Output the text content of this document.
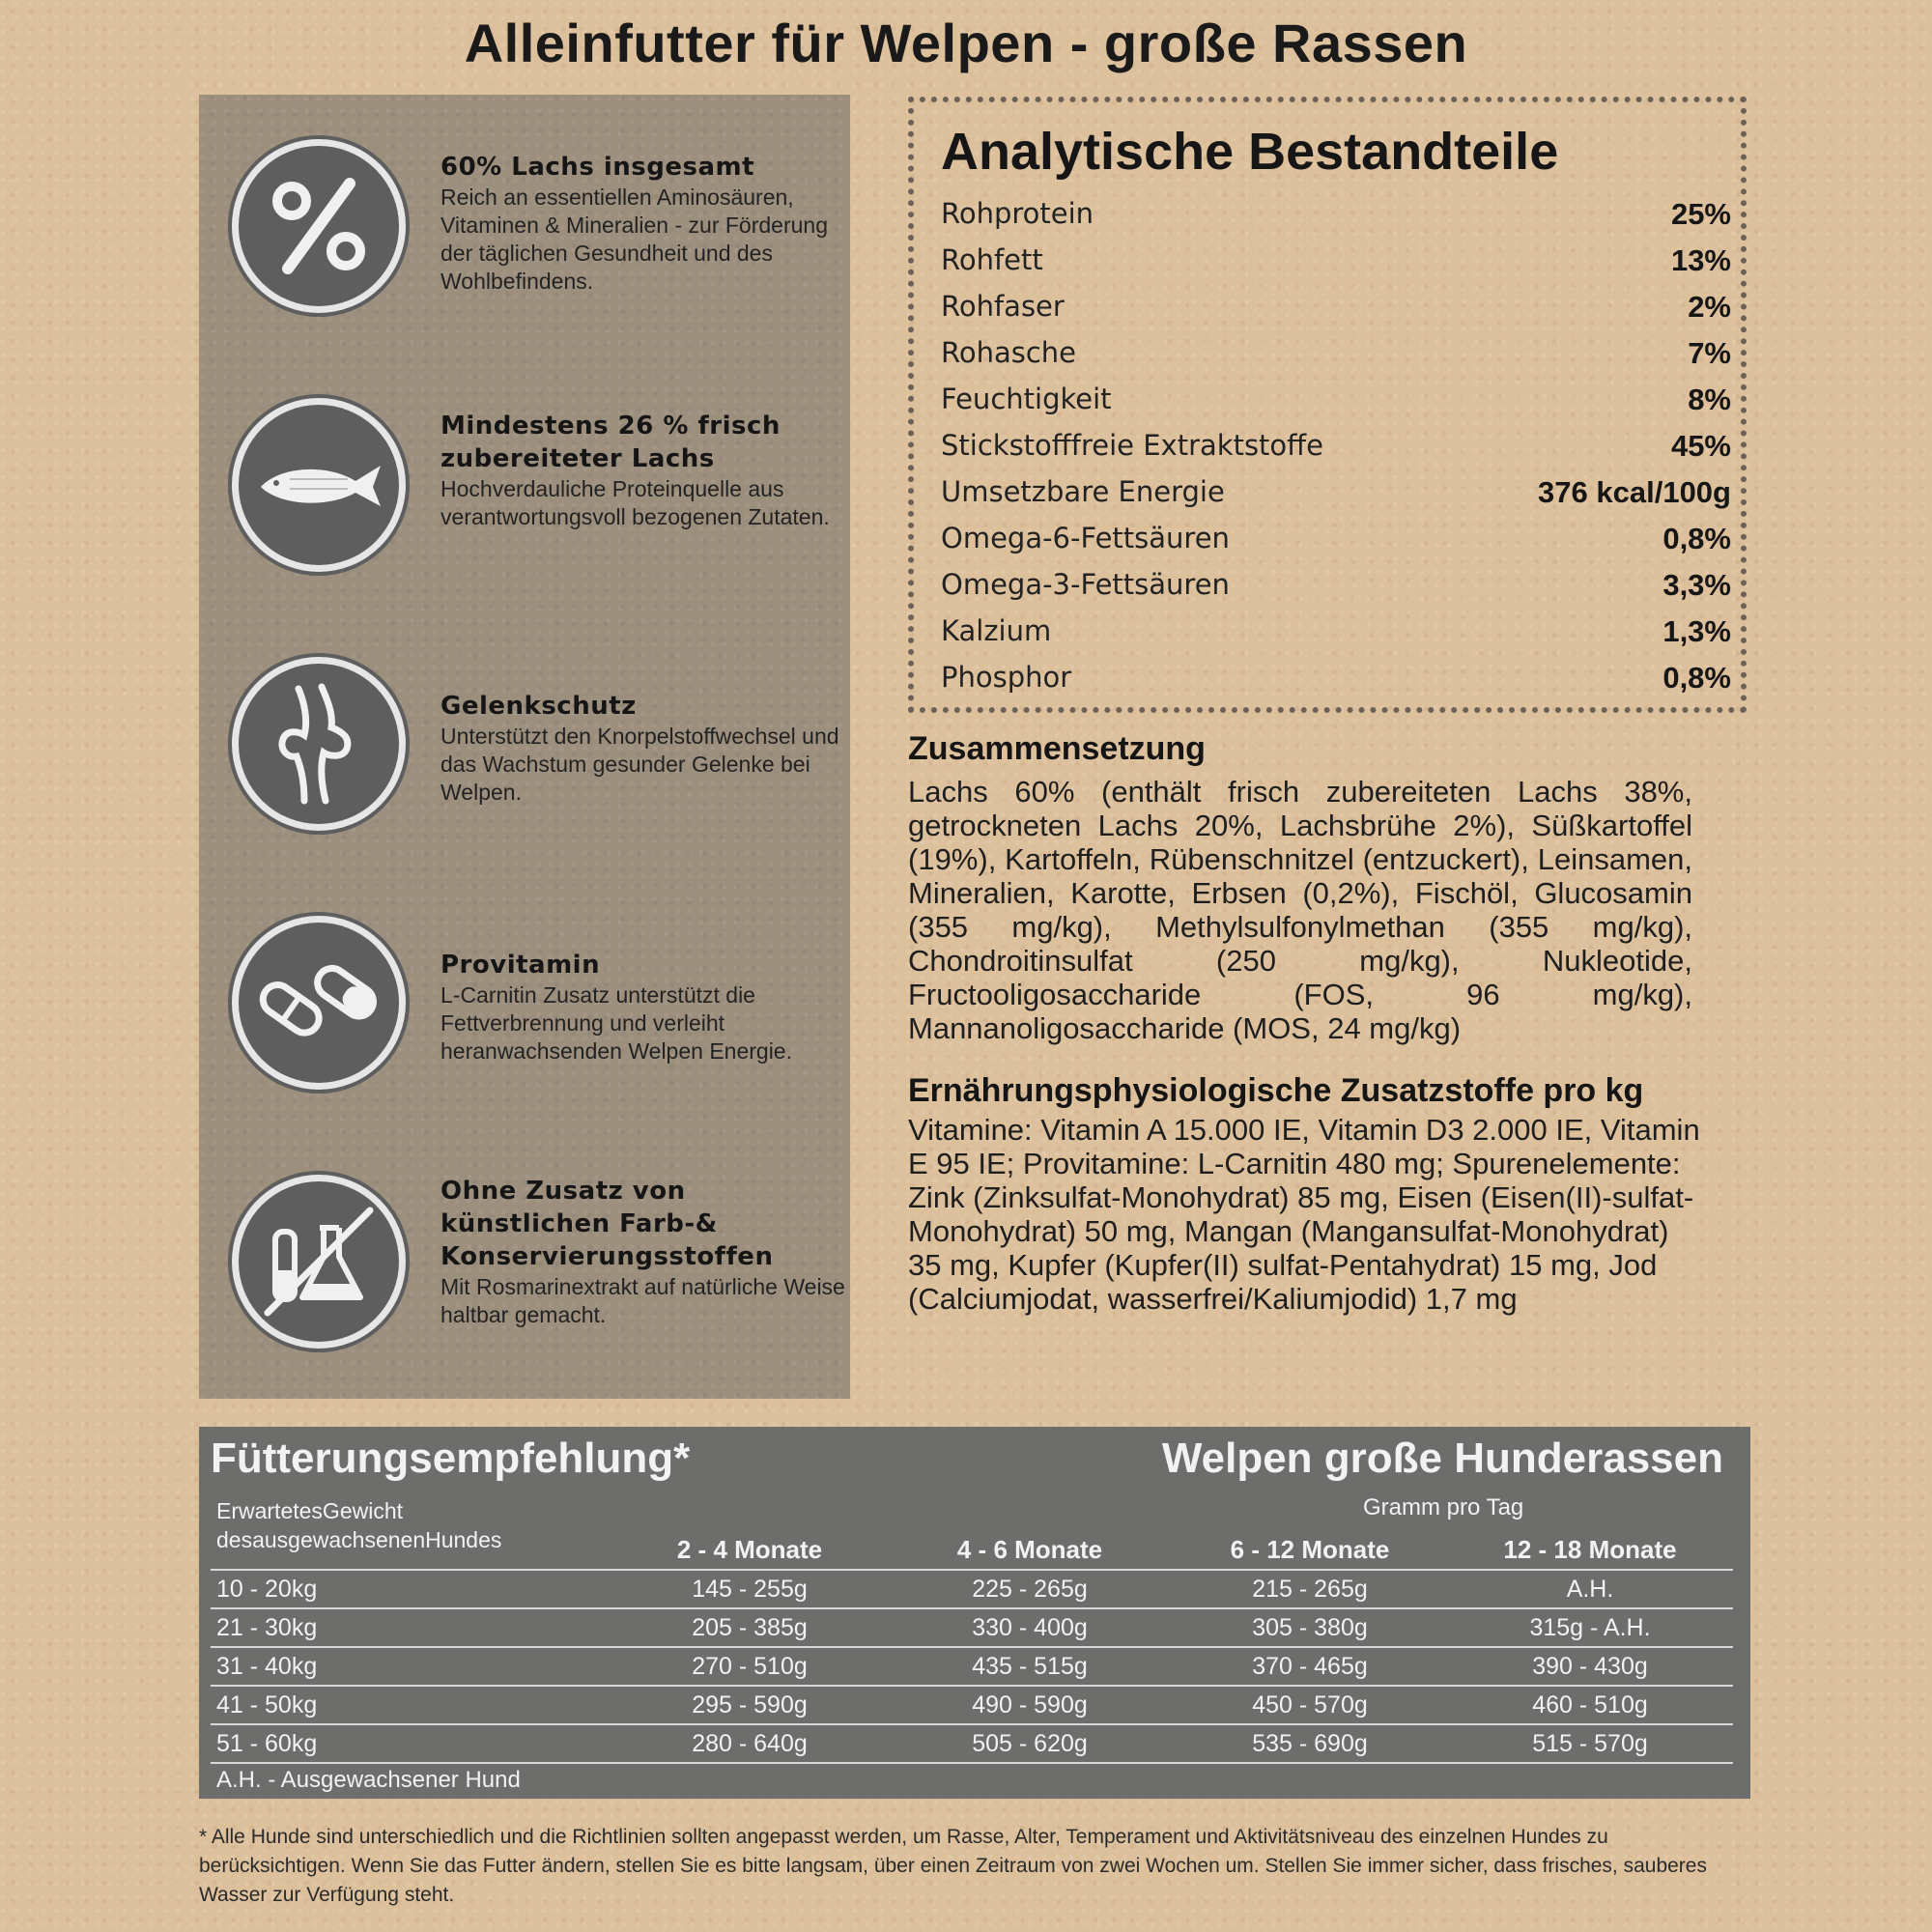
Alleinfutter für Welpen - große Rassen
60% Lachs insgesamt
Reich an essentiellen Aminosäuren, Vitaminen & Mineralien - zur Förderung der täglichen Gesundheit und des Wohlbefindens.
Mindestens 26 % frisch zubereiteter Lachs
Hochverdauliche Proteinquelle aus verantwortungsvoll bezogenen Zutaten.
Gelenkschutz
Unterstützt den Knorpelstoffwechsel und das Wachstum gesunder Gelenke bei Welpen.
Provitamin
L-Carnitin Zusatz unterstützt die Fettverbrennung und verleiht heranwachsenden Welpen Energie.
Ohne Zusatz von künstlichen Farb-& Konservierungsstoffen
Mit Rosmarinextrakt auf natürliche Weise haltbar gemacht.
Analytische Bestandteile
Rohprotein	25%
Rohfett	13%
Rohfaser	2%
Rohasche	7%
Feuchtigkeit	8%
Stickstofffreie Extraktstoffe	45%
Umsetzbare Energie	376 kcal/100g
Omega-6-Fettsäuren	0,8%
Omega-3-Fettsäuren	3,3%
Kalzium	1,3%
Phosphor	0,8%
Zusammensetzung
Lachs 60% (enthält frisch zubereiteten Lachs 38%, getrockneten Lachs 20%, Lachsbrühe 2%), Süßkartoffel (19%), Kartoffeln, Rübenschnitzel (entzuckert), Leinsamen, Mineralien, Karotte, Erbsen (0,2%), Fischöl, Glucosamin (355 mg/kg), Methylsulfonylmethan (355 mg/kg), Chondroitinsulfat (250 mg/kg), Nukleotide, Fructooligosaccharide (FOS, 96 mg/kg), Mannanoligosaccharide (MOS, 24 mg/kg)
Ernährungsphysiologische Zusatzstoffe pro kg
Vitamine: Vitamin A 15.000 IE, Vitamin D3 2.000 IE, Vitamin E 95 IE; Provitamine: L-Carnitin 480 mg; Spurenelemente: Zink (Zinksulfat-Monohydrat) 85 mg, Eisen (Eisen(II)-sulfat-Monohydrat) 50 mg, Mangan (Mangansulfat-Monohydrat) 35 mg, Kupfer (Kupfer(II) sulfat-Pentahydrat) 15 mg, Jod (Calciumjodat, wasserfrei/Kaliumjodid) 1,7 mg
Fütterungsempfehlung*	Welpen große Hunderassen
Gramm pro Tag
ErwartetesGewicht
desausgewachsenenHundes	2 - 4 Monate	4 - 6 Monate	6 - 12 Monate	12 - 18 Monate
10 - 20kg	145 - 255g	225 - 265g	215 - 265g	A.H.
21 - 30kg	205 - 385g	330 - 400g	305 - 380g	315g - A.H.
31 - 40kg	270 - 510g	435 - 515g	370 - 465g	390 - 430g
41 - 50kg	295 - 590g	490 - 590g	450 - 570g	460 - 510g
51 - 60kg	280 - 640g	505 - 620g	535 - 690g	515 - 570g
A.H. - Ausgewachsener Hund
* Alle Hunde sind unterschiedlich und die Richtlinien sollten angepasst werden, um Rasse, Alter, Temperament und Aktivitätsniveau des einzelnen Hundes zu berücksichtigen. Wenn Sie das Futter ändern, stellen Sie es bitte langsam, über einen Zeitraum von zwei Wochen um. Stellen Sie immer sicher, dass frisches, sauberes Wasser zur Verfügung steht.
